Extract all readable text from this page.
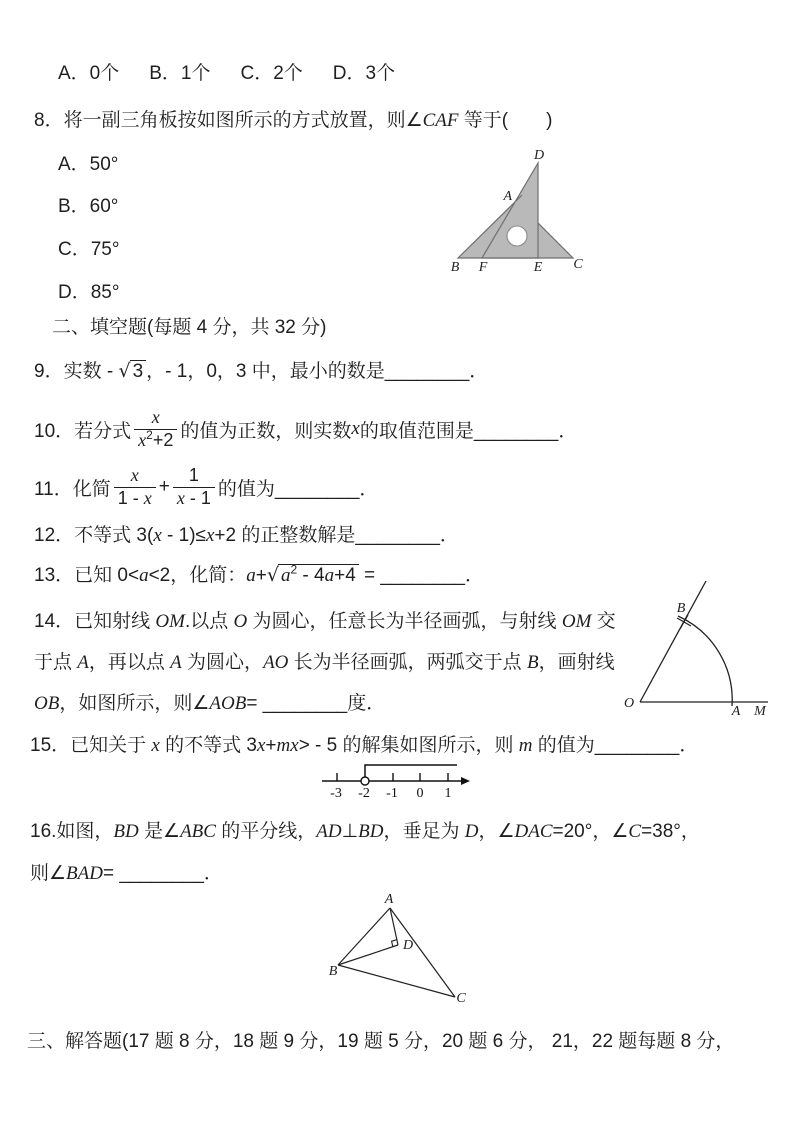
A．0个 B．1个 C．2个 D．3个
8．将一副三角板按如图所示的方式放置，则∠CAF 等于(　　)
A．50°
B．60°
C．75°
D．85°
D
A
B F	E C
二、填空题(每题 4 分，共 32 分)
9．实数 - √ 3 ，- 1，0，3 中，最小的数是________．
10．若分式 $\frac{x}{x^2+2}$ 的值为正数，则实数 x 的取值范围是________．
11．化简 $\frac{x}{1 - x} + \frac{1}{x - 1}$ 的值为________．
12．不等式 3(x - 1)≤x+2 的正整数解是________．
13．已知 0<a<2，化简：a+√ $a^2 - 4a+4$ = ________．
14．已知射线 OM.以点 O 为圆心，任意长为半径画弧，与射线 OM 交
于点 A，再以点 A 为圆心，AO 长为半径画弧，两弧交于点 B，画射线
OB，如图所示，则∠AOB= ________度．
B
O
A M
15．已知关于 x 的不等式 3x+mx> - 5 的解集如图所示，则 m 的值为________．
-3 -2 -1 0 1
16.如图，BD 是∠ABC 的平分线，AD⊥BD，垂足为 D，∠DAC=20°，∠C=38°，
则∠BAD= ________．
A
B
C
D
三、解答题(17 题 8 分，18 题 9 分，19 题 5 分，20 题 6 分， 21，22 题每题 8 分，
